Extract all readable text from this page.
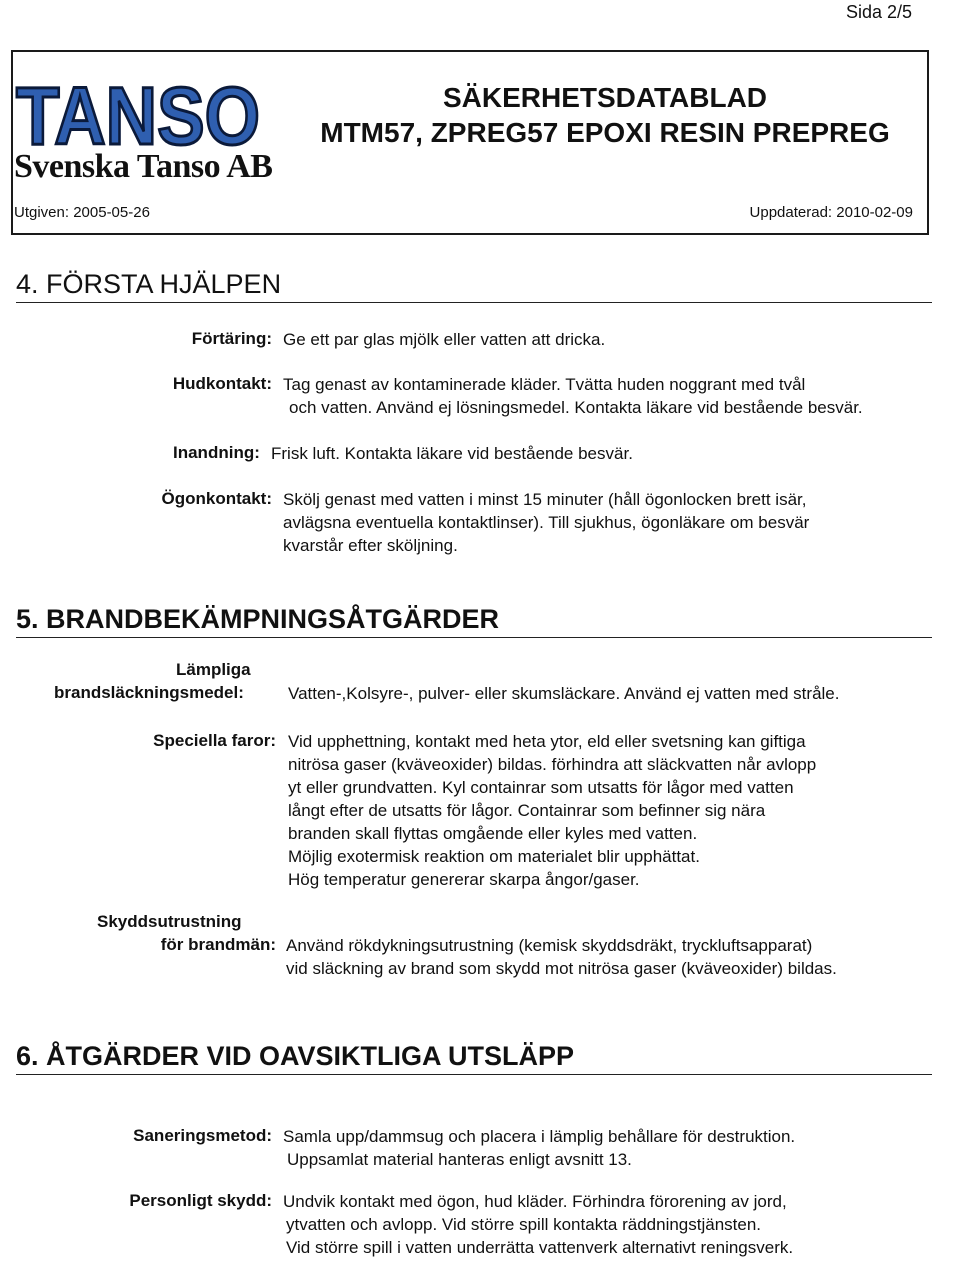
Sida 2/5
TANSO
Svenska Tanso AB
SÄKERHETSDATABLAD
MTM57, ZPREG57 EPOXI RESIN PREPREG
Utgiven: 2005-05-26	Uppdaterad: 2010-02-09
4. FÖRSTA HJÄLPEN
Förtäring: Ge ett par glas mjölk eller vatten att dricka.
Hudkontakt: Tag genast av kontaminerade kläder. Tvätta huden noggrant med tvål
och vatten. Använd ej lösningsmedel. Kontakta läkare vid bestående besvär.
Inandning: Frisk luft. Kontakta läkare vid bestående besvär.
Ögonkontakt: Skölj genast med vatten i minst 15 minuter (håll ögonlocken brett isär,
avlägsna eventuella kontaktlinser). Till sjukhus, ögonläkare om besvär
kvarstår efter sköljning.
5. BRANDBEKÄMPNINGSÅTGÄRDER
Lämpliga
brandsläckningsmedel:	Vatten-,Kolsyre-, pulver- eller skumsläckare. Använd ej vatten med stråle.
Speciella faror: Vid upphettning, kontakt med heta ytor, eld eller svetsning kan giftiga
nitrösa gaser (kväveoxider) bildas. förhindra att släckvatten når avlopp
yt eller grundvatten. Kyl containrar som utsatts för lågor med vatten
långt efter de utsatts för lågor. Containrar som befinner sig nära
branden skall flyttas omgående eller kyles med vatten.
Möjlig exotermisk reaktion om materialet blir upphättat.
Hög temperatur genererar skarpa ångor/gaser.
Skyddsutrustning
för brandmän: Använd rökdykningsutrustning (kemisk skyddsdräkt, tryckluftsapparat)
vid släckning av brand som skydd mot nitrösa gaser (kväveoxider) bildas.
6. ÅTGÄRDER VID OAVSIKTLIGA UTSLÄPP
Saneringsmetod: Samla upp/dammsug och placera i lämplig behållare för destruktion.
Uppsamlat material hanteras enligt avsnitt 13.
Personligt skydd: Undvik kontakt med ögon, hud kläder. Förhindra förorening av jord,
ytvatten och avlopp. Vid större spill kontakta räddningstjänsten.
Vid större spill i vatten underrätta vattenverk alternativt reningsverk.
